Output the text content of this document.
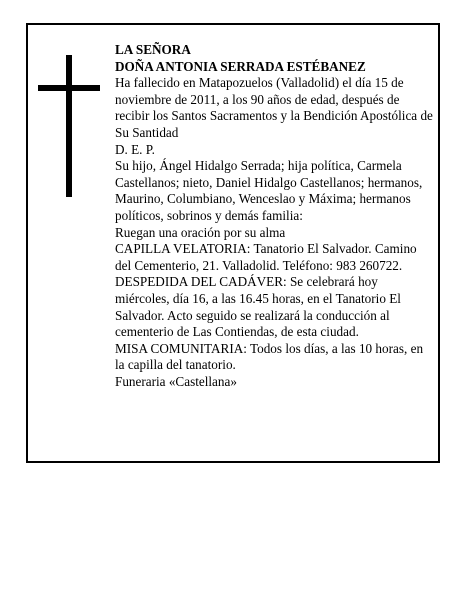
LA SEÑORA

DOÑA ANTONIA SERRADA ESTÉBANEZ

Ha fallecido en Matapozuelos (Valladolid) el día 15 de noviembre de 2011, a los 90 años de edad, después de recibir los Santos Sacramentos y la Bendición Apostólica de Su Santidad

D. E. P.

Su hijo, Ángel Hidalgo Serrada; hija política, Carmela Castellanos; nieto, Daniel Hidalgo Castellanos; hermanos, Maurino, Columbiano, Wenceslao y Máxima; hermanos políticos, sobrinos y demás familia:

Ruegan una oración por su alma

CAPILLA VELATORIA: Tanatorio El Salvador. Camino del Cementerio, 21. Valladolid. Teléfono: 983 260722.

DESPEDIDA DEL CADÁVER: Se celebrará hoy miércoles, día 16, a las 16.45 horas, en el Tanatorio El Salvador. Acto seguido se realizará la conducción al cementerio de Las Contiendas, de esta ciudad.

MISA COMUNITARIA: Todos los días, a las 10 horas, en la capilla del tanatorio.

Funeraria «Castellana»
